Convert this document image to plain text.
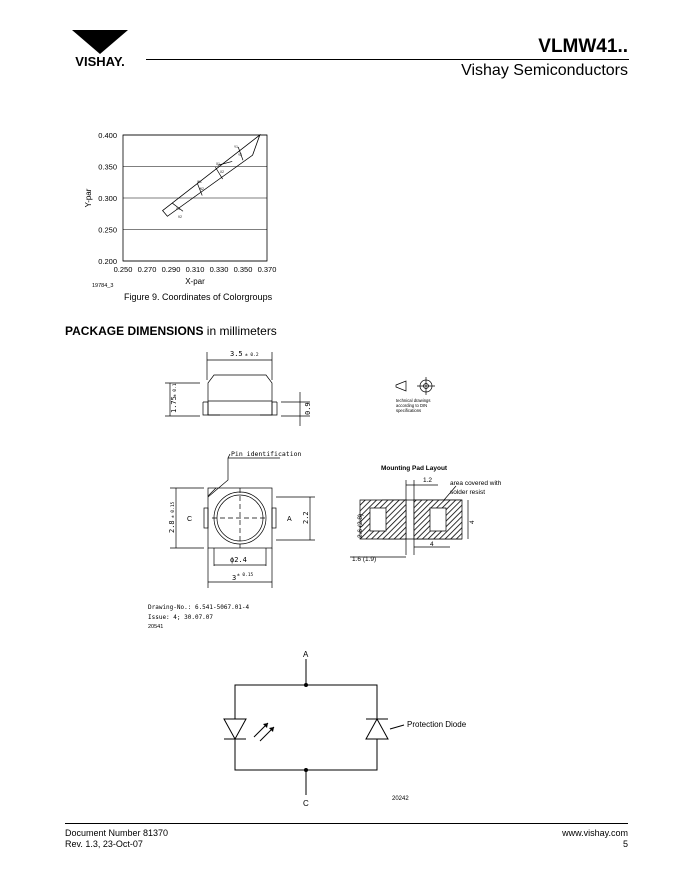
VISHAY.
VLMW41..
Vishay Semiconductors
0.400
0.350
0.300
0.250
0.200
0.250 0.270 0.290 0.310 0.330 0.350 0.370
X-par
Y-par
19784_3
V1
V2
W1
W2
X1
X2
Y1
Y2
Figure 9. Coordinates of Colorgroups
PACKAGE DIMENSIONS in millimeters
3.5 ± 0.2
1.75
± 0.1
0.9
technical drawings
according to DIN
specifications
Pin identification
C	A
2.8
± 0.15	2.2
ϕ2.4
3 ± 0.15
Drawing-No.: 6.541-5067.01-4
Issue: 4; 30.07.07
20541
Mounting Pad Layout
1.2	area covered with
solder resist
2.6 (2.8)	4
4
1.6 (1.9)
A
C
Protection Diode
20242
Document Number 81370
Rev. 1.3, 23-Oct-07
www.vishay.com
5
